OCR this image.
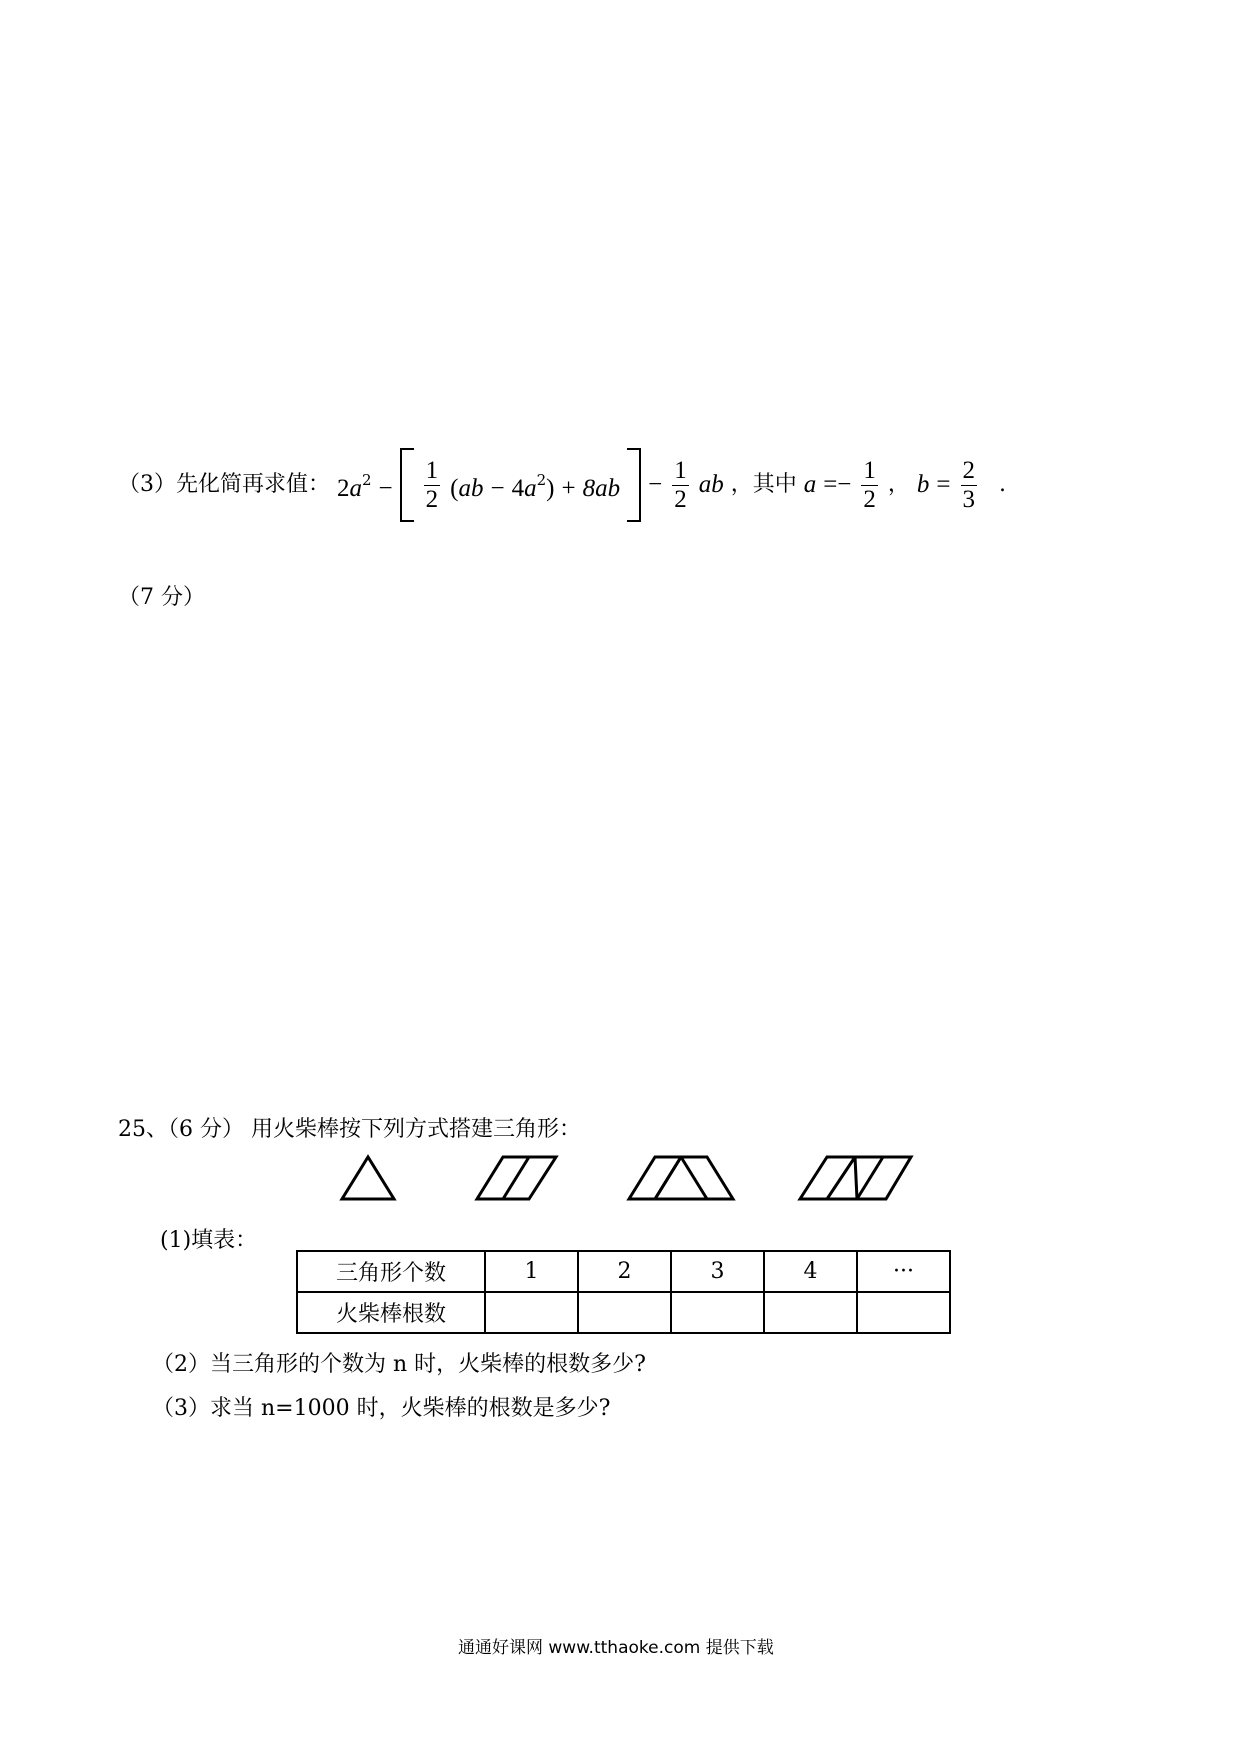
（3）先化简再求值： $2a^2 - \frac{1}{2} (ab - 4a^2) + 8ab - \frac{1}{2}$ ab ，其中 $a =- \frac{1}{2}$ ， $b = \frac{2}{3}$ .
（7 分）
25、（6 分） 用火柴棒按下列方式搭建三角形：
(1)填表：
三角形个数	1	2	3	4	···
火柴棒根数					
（2）当三角形的个数为 n 时，火柴棒的根数多少?
（3）求当 n=1000 时，火柴棒的根数是多少?
通通好课网 www.tthaoke.com 提供下载
